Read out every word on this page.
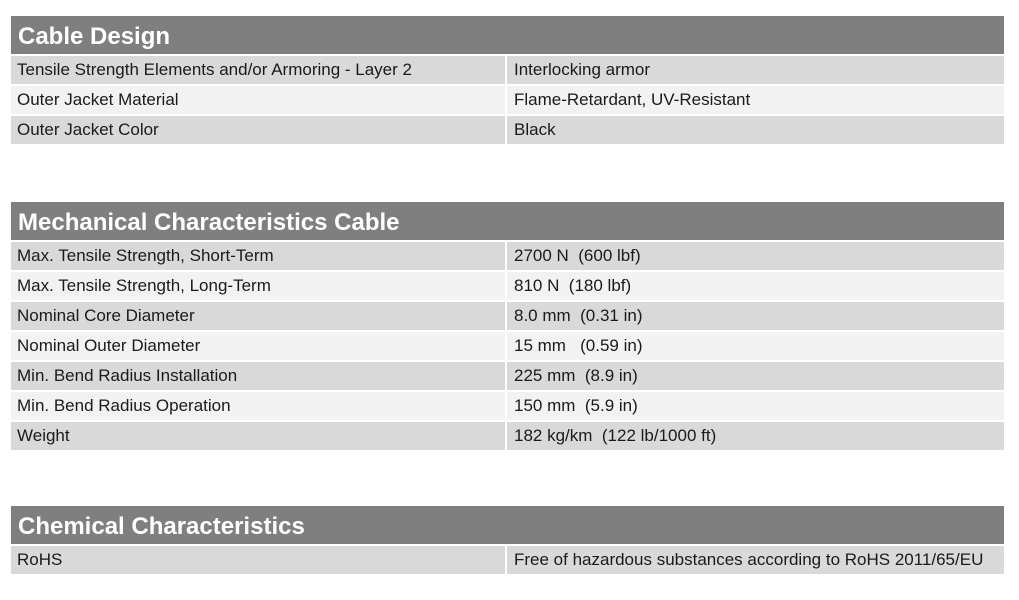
Cable Design
Tensile Strength Elements and/or Armoring - Layer 2	Interlocking armor
Outer Jacket Material	Flame-Retardant, UV-Resistant
Outer Jacket Color	Black
Mechanical Characteristics Cable
Max. Tensile Strength, Short-Term	2700 N  (600 lbf)
Max. Tensile Strength, Long-Term	810 N  (180 lbf)
Nominal Core Diameter	8.0 mm  (0.31 in)
Nominal Outer Diameter	15 mm   (0.59 in)
Min. Bend Radius Installation	225 mm  (8.9 in)
Min. Bend Radius Operation	150 mm  (5.9 in)
Weight	182 kg/km  (122 lb/1000 ft)
Chemical Characteristics
RoHS	Free of hazardous substances according to RoHS 2011/65/EU
